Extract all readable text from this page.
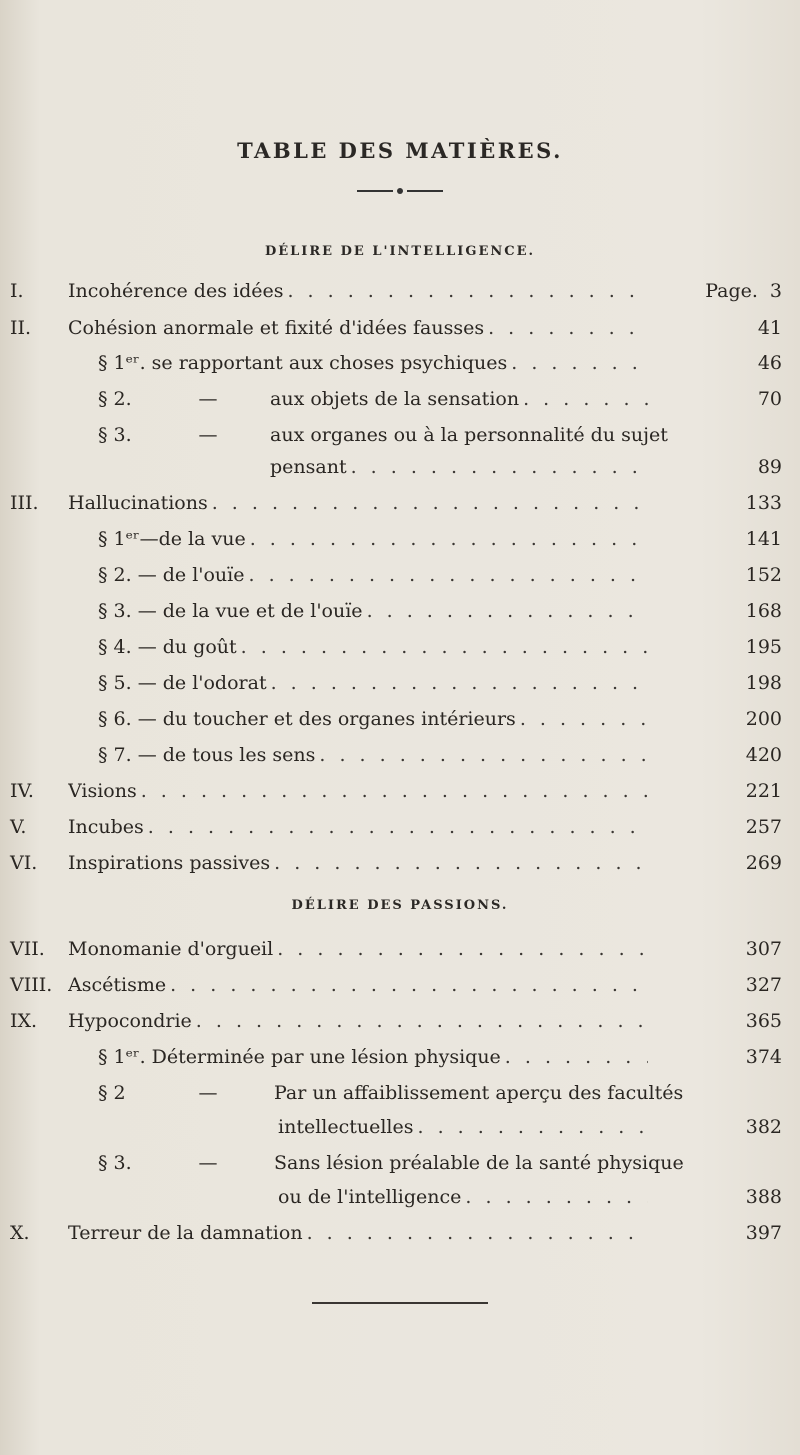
TABLE DES MATIÈRES.
DÉLIRE DE L'INTELLIGENCE.
I.	Incohérence des idées . . .	Page. 3
II.	Cohésion anormale et fixité d'idées fausses . . .	41
§ 1ᵉʳ. se rapportant aux choses psychiques . . .	46
§ 2.	—	aux objets de la sensation . . .	70
§ 3.	—	aux organes ou à la personnalité du sujet
pensant . . .	89
III.	Hallucinations . . .	133
§ 1ᵉʳ—de la vue . . .	141
§ 2. — de l'ouïe . . .	152
§ 3. — de la vue et de l'ouïe . . .	168
§ 4. — du goût . . .	195
§ 5. — de l'odorat . . .	198
§ 6. — du toucher et des organes intérieurs . . .	200
§ 7. — de tous les sens . . .	420
IV.	Visions . . .	221
V.	Incubes . . .	257
VI.	Inspirations passives . . .	269
DÉLIRE DES PASSIONS.
VII.	Monomanie d'orgueil . . .	307
VIII. Ascétisme . . .	327
IX.	Hypocondrie . . .	365
§ 1ᵉʳ. Déterminée par une lésion physique . . .	374
§ 2	—	Par un affaiblissement aperçu des facultés
intellectuelles . . .	382
§ 3.	—	Sans lésion préalable de la santé physique
ou de l'intelligence . . .	388
X.	Terreur de la damnation . . .	397
